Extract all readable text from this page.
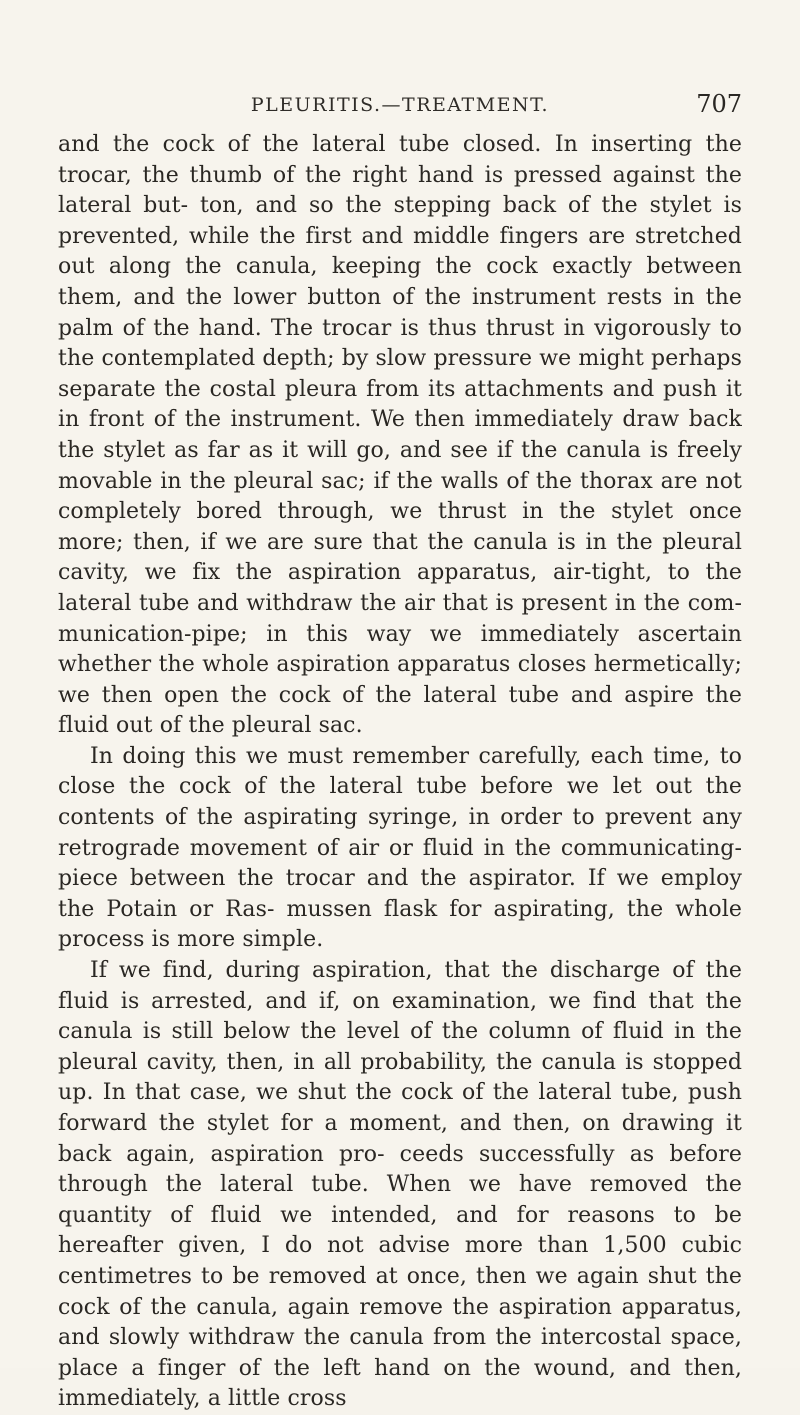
PLEURITIS.—TREATMENT.	707

and the cock of the lateral tube closed. In inserting the trocar, the thumb of the right hand is pressed against the lateral but- ton, and so the stepping back of the stylet is prevented, while the first and middle fingers are stretched out along the canula, keeping the cock exactly between them, and the lower button of the instrument rests in the palm of the hand. The trocar is thus thrust in vigorously to the contemplated depth; by slow pressure we might perhaps separate the costal pleura from its attachments and push it in front of the instrument. We then immediately draw back the stylet as far as it will go, and see if the canula is freely movable in the pleural sac; if the walls of the thorax are not completely bored through, we thrust in the stylet once more; then, if we are sure that the canula is in the pleural cavity, we fix the aspiration apparatus, air-tight, to the lateral tube and withdraw the air that is present in the com- munication-pipe; in this way we immediately ascertain whether the whole aspiration apparatus closes hermetically; we then open the cock of the lateral tube and aspire the fluid out of the pleural sac.

In doing this we must remember carefully, each time, to close the cock of the lateral tube before we let out the contents of the aspirating syringe, in order to prevent any retrograde movement of air or fluid in the communicating-piece between the trocar and the aspirator. If we employ the Potain or Ras- mussen flask for aspirating, the whole process is more simple.

If we find, during aspiration, that the discharge of the fluid is arrested, and if, on examination, we find that the canula is still below the level of the column of fluid in the pleural cavity, then, in all probability, the canula is stopped up. In that case, we shut the cock of the lateral tube, push forward the stylet for a moment, and then, on drawing it back again, aspiration pro- ceeds successfully as before through the lateral tube. When we have removed the quantity of fluid we intended, and for reasons to be hereafter given, I do not advise more than 1,500 cubic centimetres to be removed at once, then we again shut the cock of the canula, again remove the aspiration apparatus, and slowly withdraw the canula from the intercostal space, place a finger of the left hand on the wound, and then, immediately, a little cross
